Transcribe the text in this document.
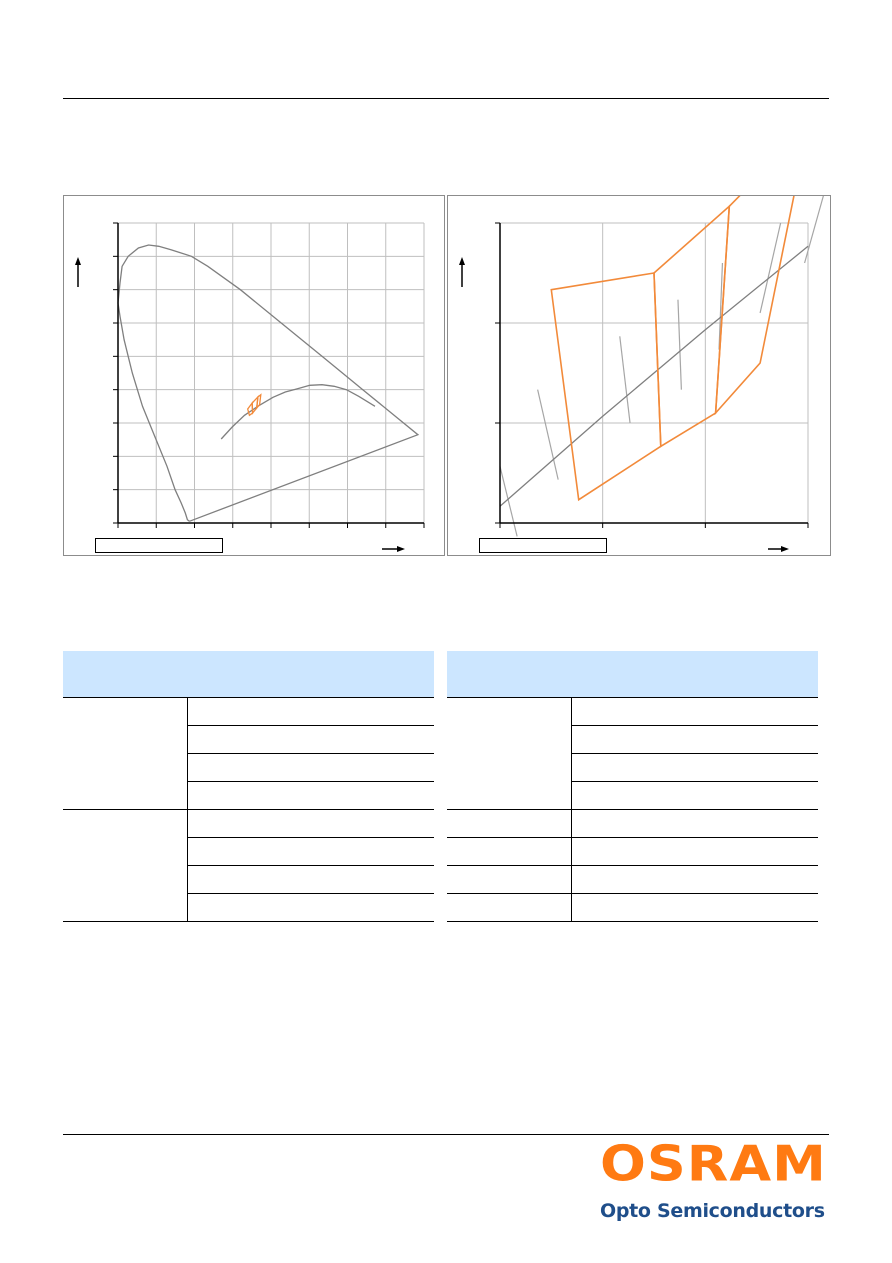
OSRAM
Opto Semiconductors
